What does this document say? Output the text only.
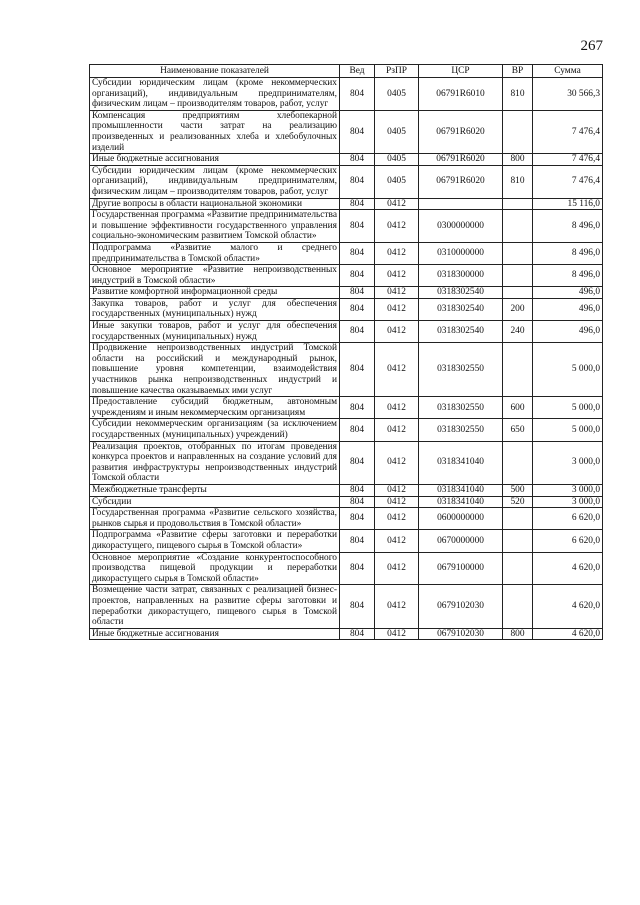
267
Наименование показателей	Вед	РзПР	ЦСР	ВР	Сумма
Субсидии юридическим лицам (кроме некоммерческих организаций), индивидуальным предпринимателям, физическим лицам – производителям товаров, работ, услуг	804	0405	06791R6010	810	30 566,3
Компенсация предприятиям хлебопекарной промышленности части затрат на реализацию произведенных и реализованных хлеба и хлебобулочных изделий	804	0405	06791R6020		7 476,4
Иные бюджетные ассигнования	804	0405	06791R6020	800	7 476,4
Субсидии юридическим лицам (кроме некоммерческих организаций), индивидуальным предпринимателям, физическим лицам – производителям товаров, работ, услуг	804	0405	06791R6020	810	7 476,4
Другие вопросы в области национальной экономики	804	0412			15 116,0
Государственная программа «Развитие предпринимательства и повышение эффективности государственного управления социально-экономическим развитием Томской области»	804	0412	0300000000		8 496,0
Подпрограмма «Развитие малого и среднего предпринимательства в Томской области»	804	0412	0310000000		8 496,0
Основное мероприятие «Развитие непроизводственных индустрий в Томской области»	804	0412	0318300000		8 496,0
Развитие комфортной информационной среды	804	0412	0318302540		496,0
Закупка товаров, работ и услуг для обеспечения государственных (муниципальных) нужд	804	0412	0318302540	200	496,0
Иные закупки товаров, работ и услуг для обеспечения государственных (муниципальных) нужд	804	0412	0318302540	240	496,0
Продвижение непроизводственных индустрий Томской области на российский и международный рынок, повышение уровня компетенции, взаимодействия участников рынка непроизводственных индустрий и повышение качества оказываемых ими услуг	804	0412	0318302550		5 000,0
Предоставление субсидий бюджетным, автономным учреждениям и иным некоммерческим организациям	804	0412	0318302550	600	5 000,0
Субсидии некоммерческим организациям (за исключением государственных (муниципальных) учреждений)	804	0412	0318302550	650	5 000,0
Реализация проектов, отобранных по итогам проведения конкурса проектов и направленных на создание условий для развития инфраструктуры непроизводственных индустрий Томской области	804	0412	0318341040		3 000,0
Межбюджетные трансферты	804	0412	0318341040	500	3 000,0
Субсидии	804	0412	0318341040	520	3 000,0
Государственная программа «Развитие сельского хозяйства, рынков сырья и продовольствия в Томской области»	804	0412	0600000000		6 620,0
Подпрограмма «Развитие сферы заготовки и переработки дикорастущего, пищевого сырья в Томской области»	804	0412	0670000000		6 620,0
Основное мероприятие «Создание конкурентоспособного производства пищевой продукции и переработки дикорастущего сырья в Томской области»	804	0412	0679100000		4 620,0
Возмещение части затрат, связанных с реализацией бизнес-проектов, направленных на развитие сферы заготовки и переработки дикорастущего, пищевого сырья в Томской области	804	0412	0679102030		4 620,0
Иные бюджетные ассигнования	804	0412	0679102030	800	4 620,0
